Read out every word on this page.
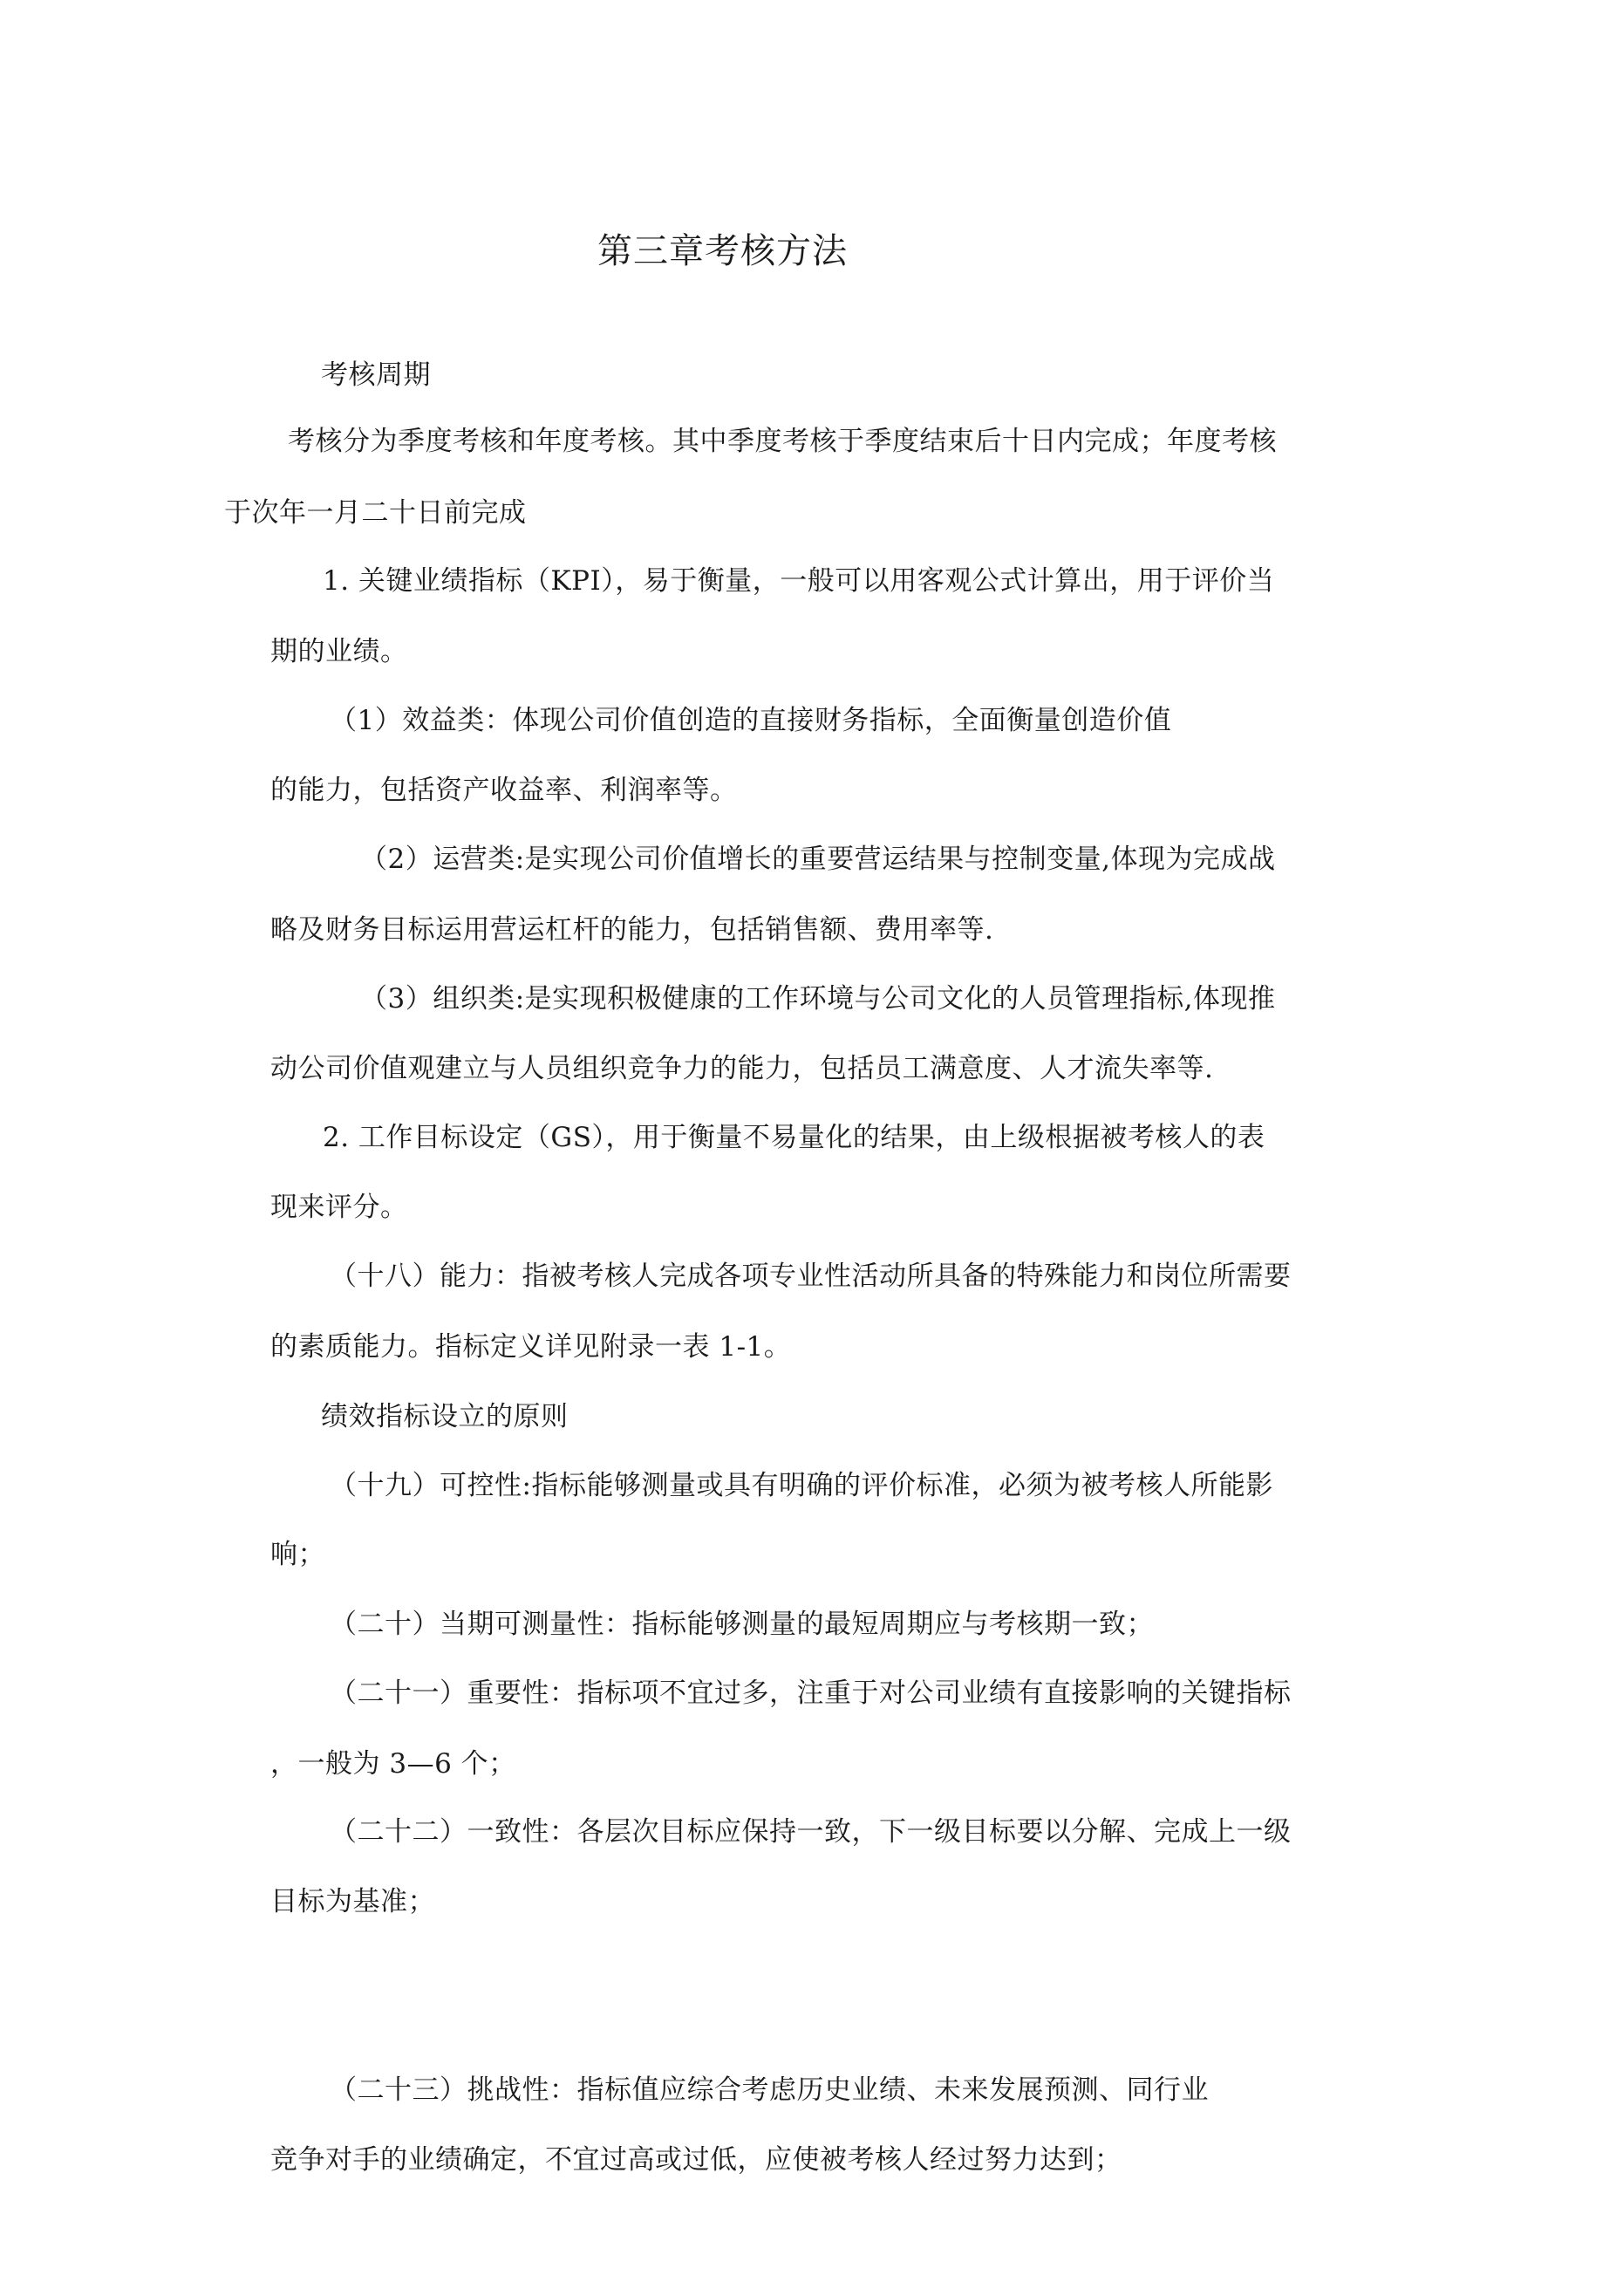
第三章考核方法
考核周期
考核分为季度考核和年度考核。其中季度考核于季度结束后十日内完成；年度考核
于次年一月二十日前完成
1. 关键业绩指标（KPI），易于衡量，一般可以用客观公式计算出，用于评价当
期的业绩。
（1）效益类：体现公司价值创造的直接财务指标，全面衡量创造价值
的能力，包括资产收益率、利润率等。
（2）运营类:是实现公司价值增长的重要营运结果与控制变量,体现为完成战
略及财务目标运用营运杠杆的能力，包括销售额、费用率等.
（3）组织类:是实现积极健康的工作环境与公司文化的人员管理指标,体现推
动公司价值观建立与人员组织竞争力的能力，包括员工满意度、人才流失率等.
2. 工作目标设定（GS），用于衡量不易量化的结果，由上级根据被考核人的表
现来评分。
（十八）能力：指被考核人完成各项专业性活动所具备的特殊能力和岗位所需要
的素质能力。指标定义详见附录一表 1-1。
绩效指标设立的原则
（十九）可控性:指标能够测量或具有明确的评价标准，必须为被考核人所能影
响；
（二十）当期可测量性：指标能够测量的最短周期应与考核期一致；
（二十一）重要性：指标项不宜过多，注重于对公司业绩有直接影响的关键指标
，一般为 3—6 个；
（二十二）一致性：各层次目标应保持一致，下一级目标要以分解、完成上一级
目标为基准；
（二十三）挑战性：指标值应综合考虑历史业绩、未来发展预测、同行业
竞争对手的业绩确定，不宜过高或过低，应使被考核人经过努力达到；
